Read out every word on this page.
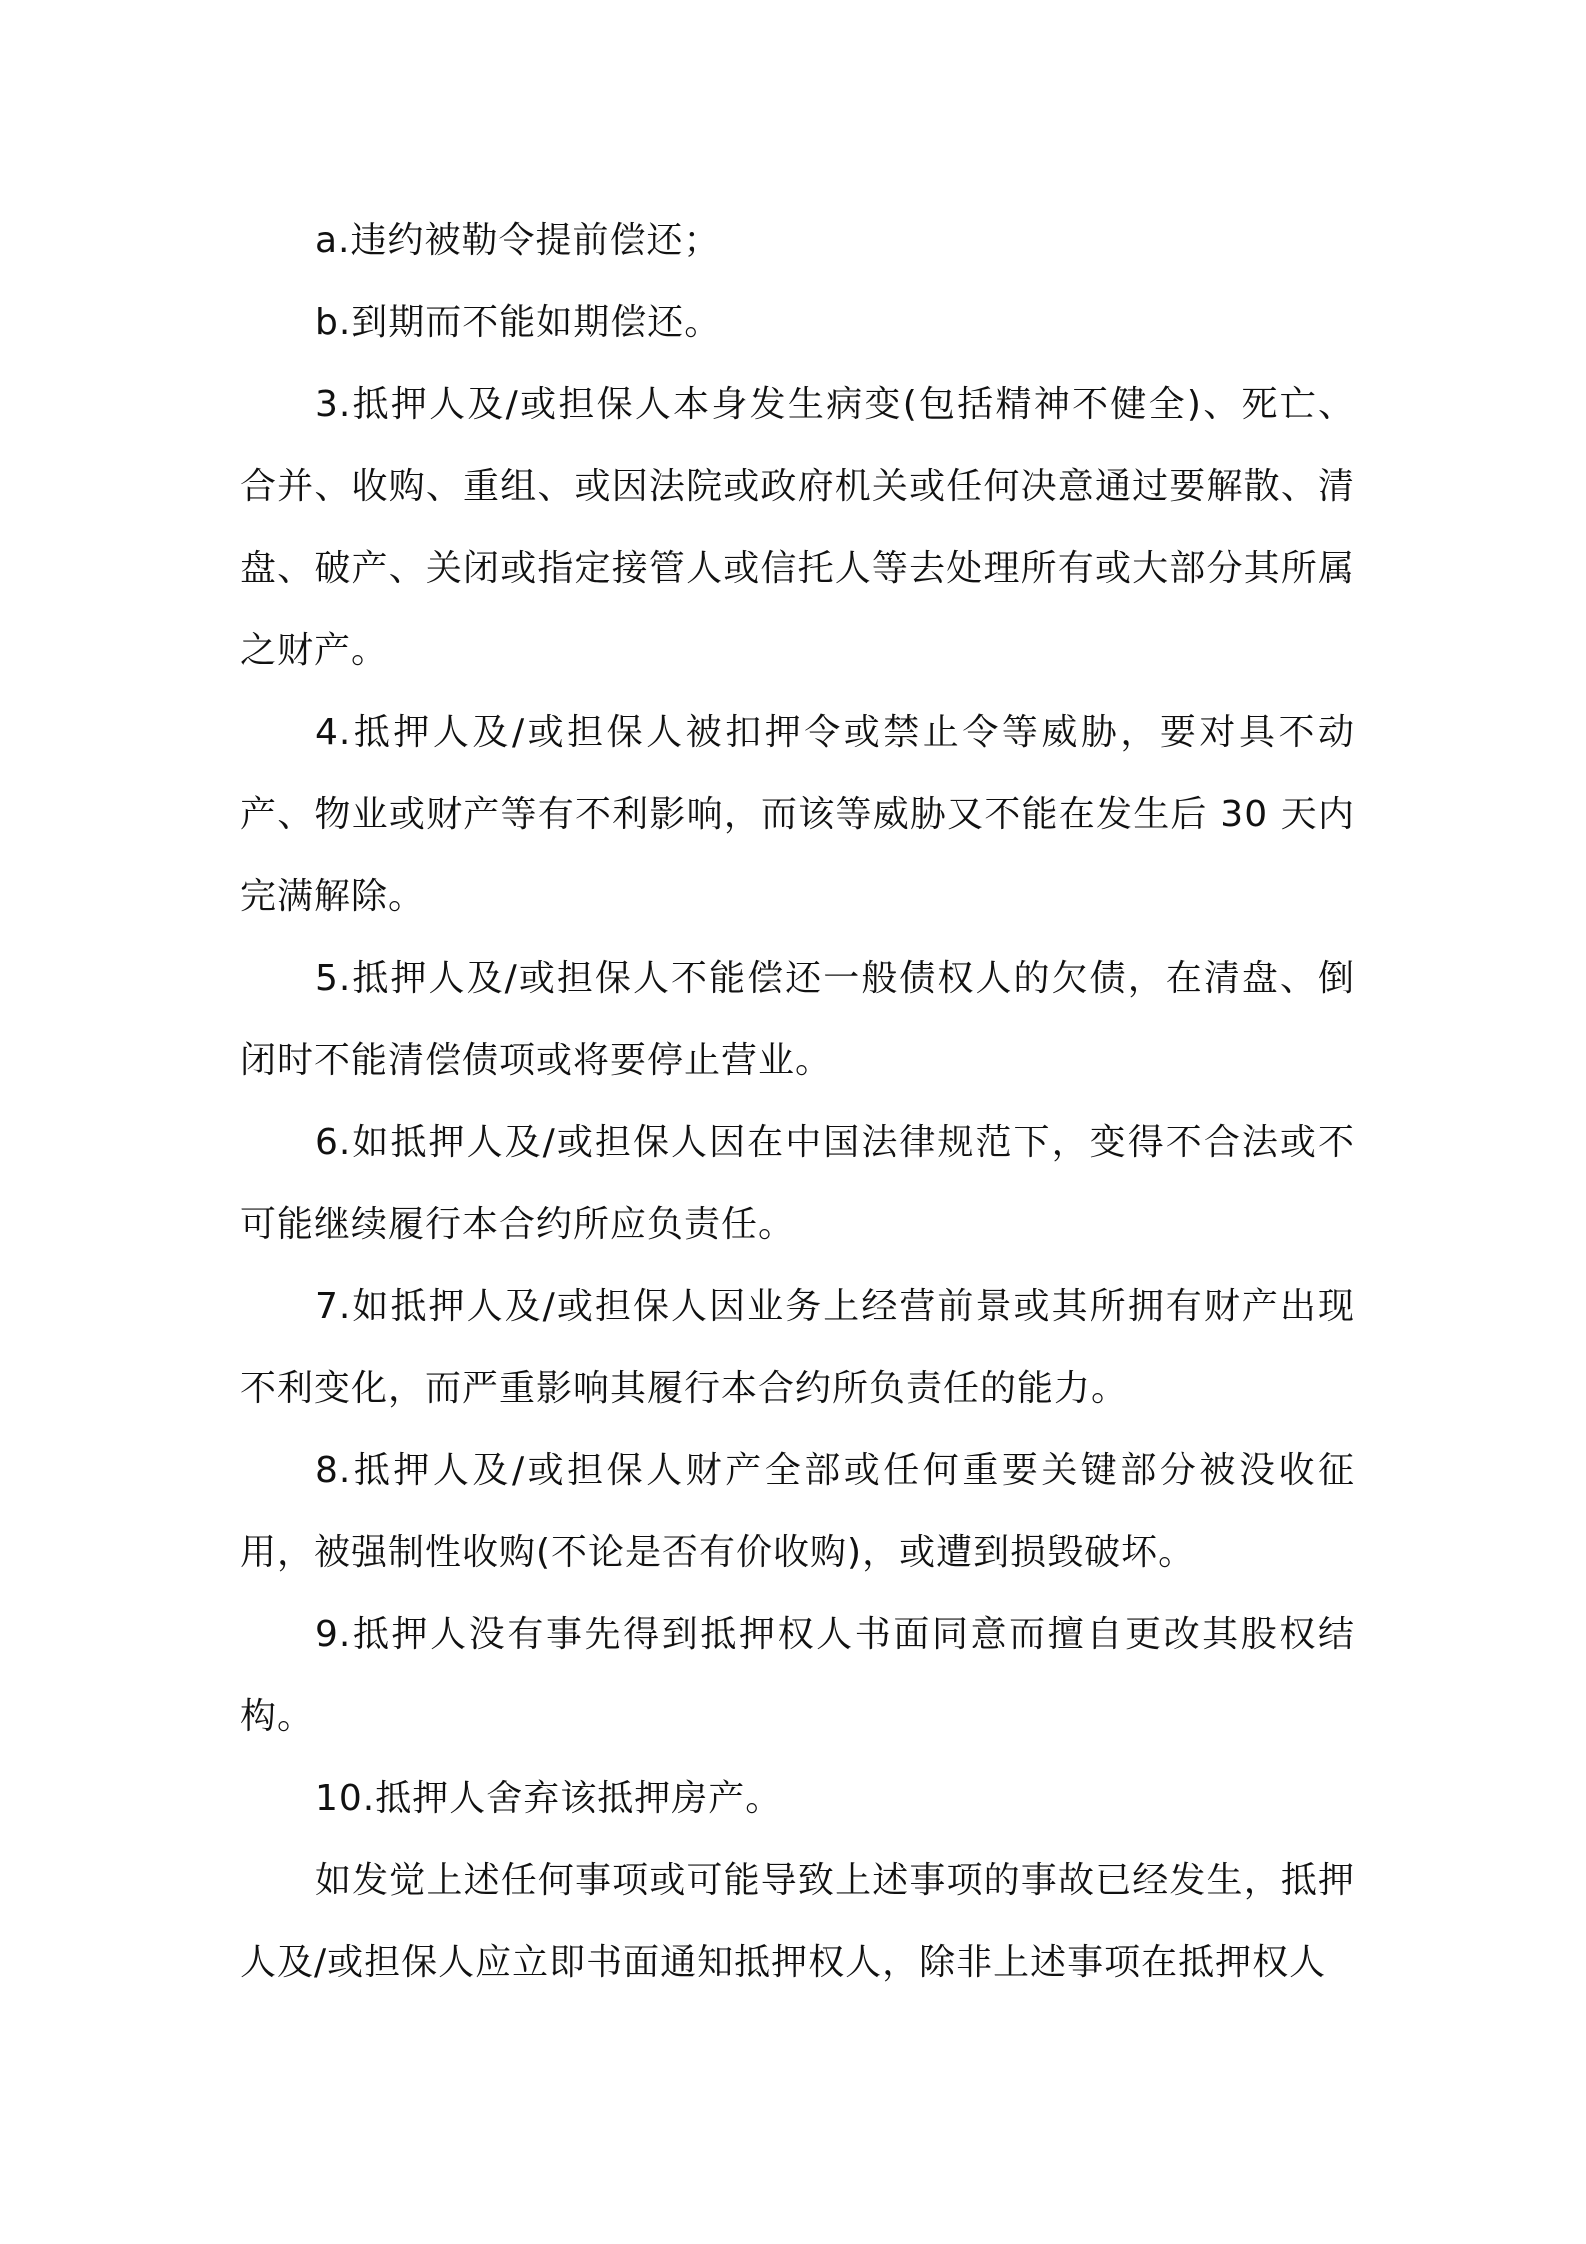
a.违约被勒令提前偿还；

b.到期而不能如期偿还。

3.抵押人及/或担保人本身发生病变(包括精神不健全)、死亡、合并、收购、重组、或因法院或政府机关或任何决意通过要解散、清盘、破产、关闭或指定接管人或信托人等去处理所有或大部分其所属之财产。

4.抵押人及/或担保人被扣押令或禁止令等威胁，要对具不动产、物业或财产等有不利影响，而该等威胁又不能在发生后 30 天内完满解除。

5.抵押人及/或担保人不能偿还一般债权人的欠债，在清盘、倒闭时不能清偿债项或将要停止营业。

6.如抵押人及/或担保人因在中国法律规范下，变得不合法或不可能继续履行本合约所应负责任。

7.如抵押人及/或担保人因业务上经营前景或其所拥有财产出现不利变化，而严重影响其履行本合约所负责任的能力。

8.抵押人及/或担保人财产全部或任何重要关键部分被没收征用，被强制性收购(不论是否有价收购)，或遭到损毁破坏。

9.抵押人没有事先得到抵押权人书面同意而擅自更改其股权结构。

10.抵押人舍弃该抵押房产。

如发觉上述任何事项或可能导致上述事项的事故已经发生，抵押人及/或担保人应立即书面通知抵押权人，除非上述事项在抵押权人
